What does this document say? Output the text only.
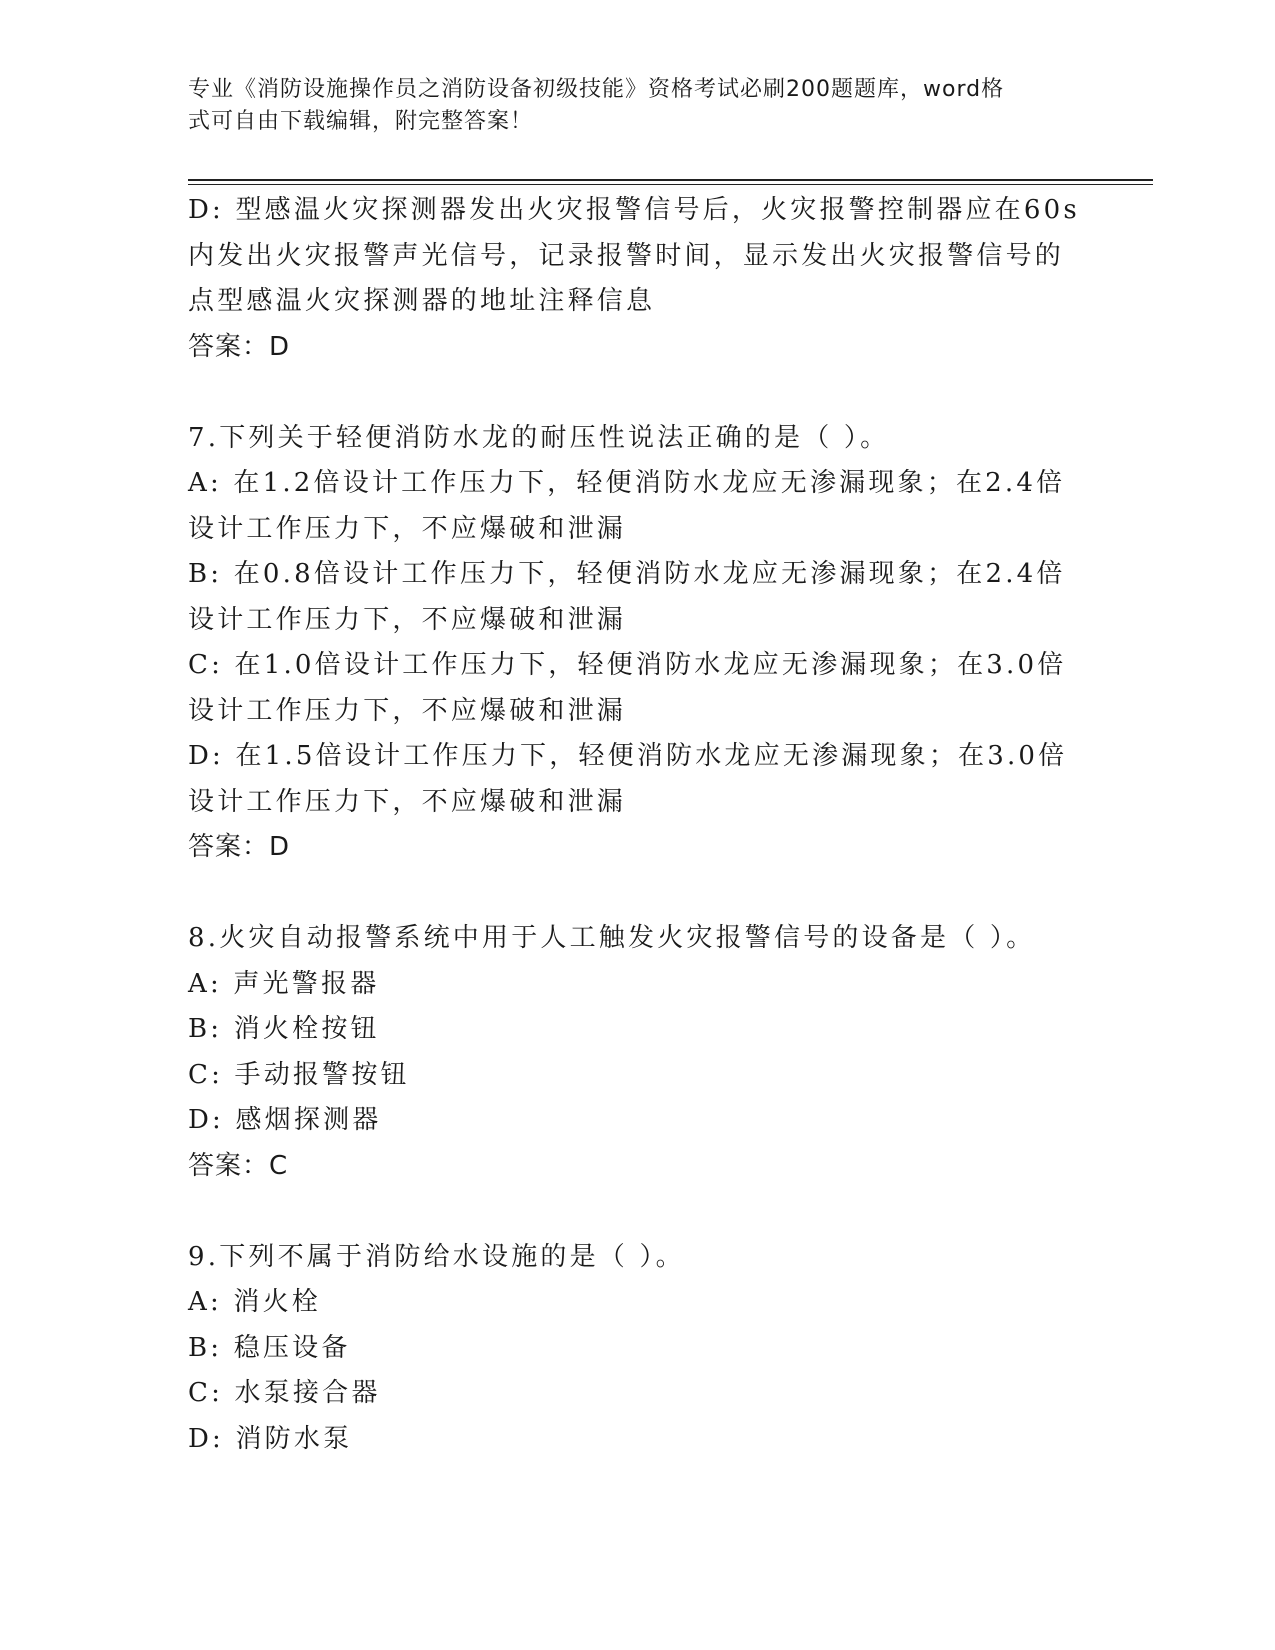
专业《消防设施操作员之消防设备初级技能》资格考试必刷200题题库，word格
式可自由下载编辑，附完整答案！
D: 型感温火灾探测器发出火灾报警信号后，火灾报警控制器应在60s
内发出火灾报警声光信号，记录报警时间，显示发出火灾报警信号的
点型感温火灾探测器的地址注释信息
答案：D
7.下列关于轻便消防水龙的耐压性说法正确的是（ ）。
A: 在1.2倍设计工作压力下，轻便消防水龙应无渗漏现象；在2.4倍
设计工作压力下，不应爆破和泄漏
B: 在0.8倍设计工作压力下，轻便消防水龙应无渗漏现象；在2.4倍
设计工作压力下，不应爆破和泄漏
C: 在1.0倍设计工作压力下，轻便消防水龙应无渗漏现象；在3.0倍
设计工作压力下，不应爆破和泄漏
D: 在1.5倍设计工作压力下，轻便消防水龙应无渗漏现象；在3.0倍
设计工作压力下，不应爆破和泄漏
答案：D
8.火灾自动报警系统中用于人工触发火灾报警信号的设备是（ ）。
A: 声光警报器
B: 消火栓按钮
C: 手动报警按钮
D: 感烟探测器
答案：C
9.下列不属于消防给水设施的是（ ）。
A: 消火栓
B: 稳压设备
C: 水泵接合器
D: 消防水泵
